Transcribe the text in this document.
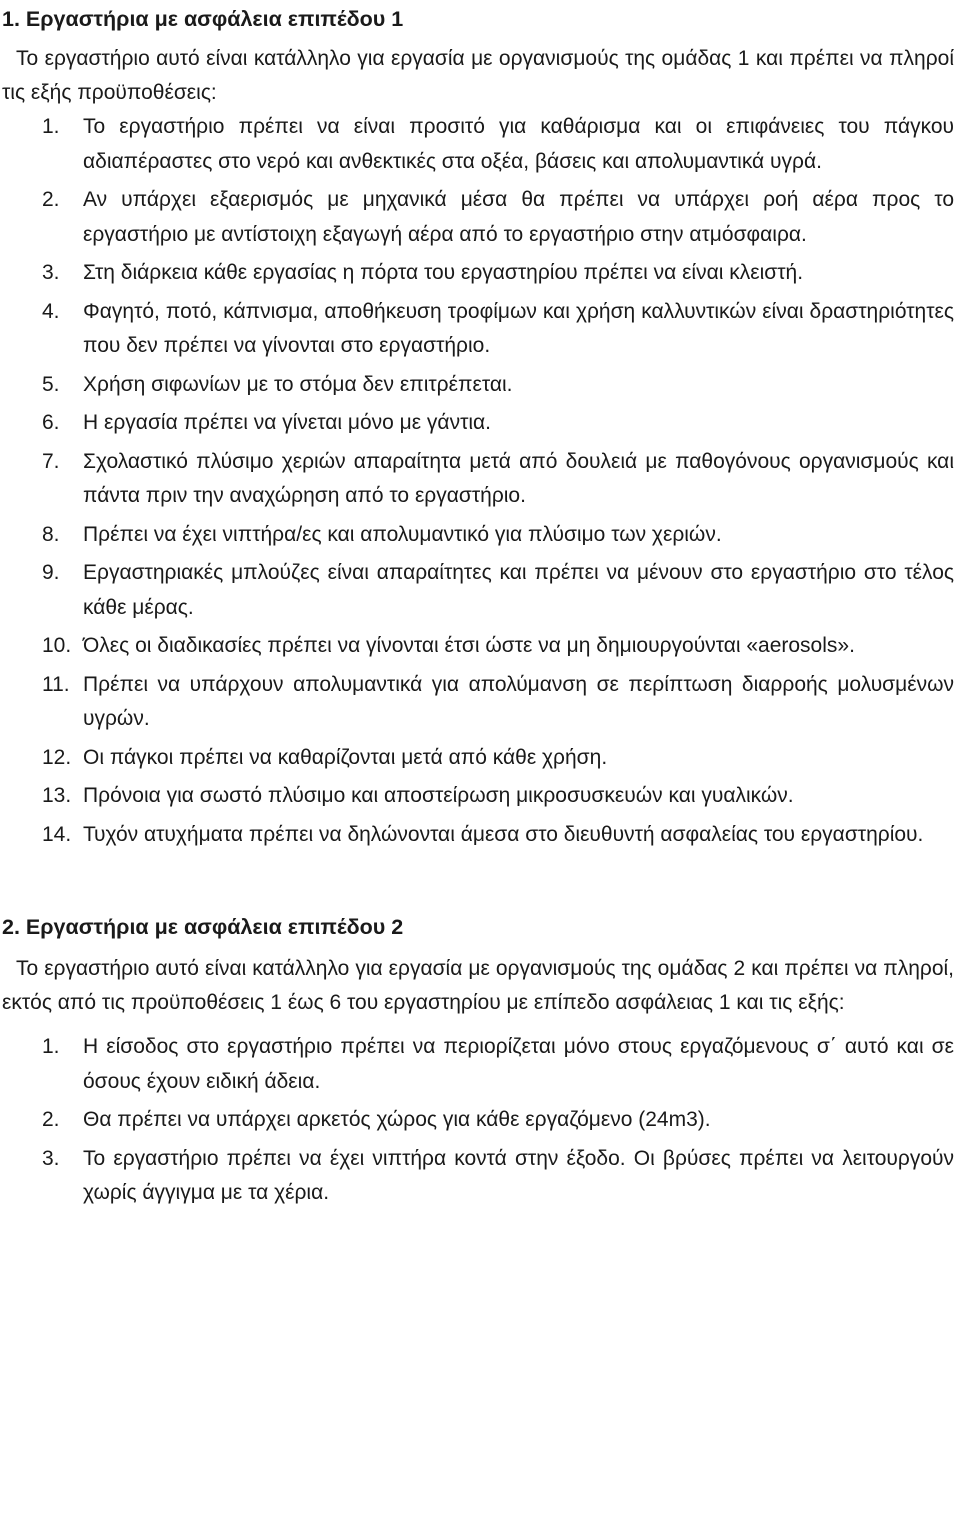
1. Εργαστήρια με ασφάλεια επιπέδου 1

Το εργαστήριο αυτό είναι κατάλληλο για εργασία με οργανισμούς της ομάδας 1 και πρέπει να πληροί τις εξής προϋποθέσεις:

1.	Το εργαστήριο πρέπει να είναι προσιτό για καθάρισμα και οι επιφάνειες του πάγκου αδιαπέραστες στο νερό και ανθεκτικές στα οξέα, βάσεις και απολυμαντικά υγρά.
2.	Αν υπάρχει εξαερισμός με μηχανικά μέσα θα πρέπει να υπάρχει ροή αέρα προς το εργαστήριο με αντίστοιχη εξαγωγή αέρα από το εργαστήριο στην ατμόσφαιρα.
3.	Στη διάρκεια κάθε εργασίας η πόρτα του εργαστηρίου πρέπει να είναι κλειστή.
4.	Φαγητό, ποτό, κάπνισμα, αποθήκευση τροφίμων και χρήση καλλυντικών είναι δραστηριότητες που δεν πρέπει να γίνονται στο εργαστήριο.
5.	Χρήση σιφωνίων με το στόμα δεν επιτρέπεται.
6.	Η εργασία πρέπει να γίνεται μόνο με γάντια.
7.	Σχολαστικό πλύσιμο χεριών απαραίτητα μετά από δουλειά με παθογόνους οργανισμούς και πάντα πριν την αναχώρηση από το εργαστήριο.
8.	Πρέπει να έχει νιπτήρα/ες και απολυμαντικό για πλύσιμο των χεριών.
9.	Εργαστηριακές μπλούζες είναι απαραίτητες και πρέπει να μένουν στο εργαστήριο στο τέλος κάθε μέρας.
10. Όλες οι διαδικασίες πρέπει να γίνονται έτσι ώστε να μη δημιουργούνται «aerosols».
11. Πρέπει να υπάρχουν απολυμαντικά για απολύμανση σε περίπτωση διαρροής μολυσμένων υγρών.
12. Οι πάγκοι πρέπει να καθαρίζονται μετά από κάθε χρήση.
13. Πρόνοια για σωστό πλύσιμο και αποστείρωση μικροσυσκευών και γυαλικών.
14. Τυχόν ατυχήματα πρέπει να δηλώνονται άμεσα στο διευθυντή ασφαλείας του εργαστηρίου.
2. Εργαστήρια με ασφάλεια επιπέδου 2

Το εργαστήριο αυτό είναι κατάλληλο για εργασία με οργανισμούς της ομάδας 2 και πρέπει να πληροί, εκτός από τις προϋποθέσεις 1 έως 6 του εργαστηρίου με επίπεδο ασφάλειας 1 και τις εξής:

1.	Η είσοδος στο εργαστήριο πρέπει να περιορίζεται μόνο στους εργαζόμενους σ΄ αυτό και σε όσους έχουν ειδική άδεια.
2.	Θα πρέπει να υπάρχει αρκετός χώρος για κάθε εργαζόμενο (24m3).
3.	Το εργαστήριο πρέπει να έχει νιπτήρα κοντά στην έξοδο. Οι βρύσες πρέπει να λειτουργούν χωρίς άγγιγμα με τα χέρια.
